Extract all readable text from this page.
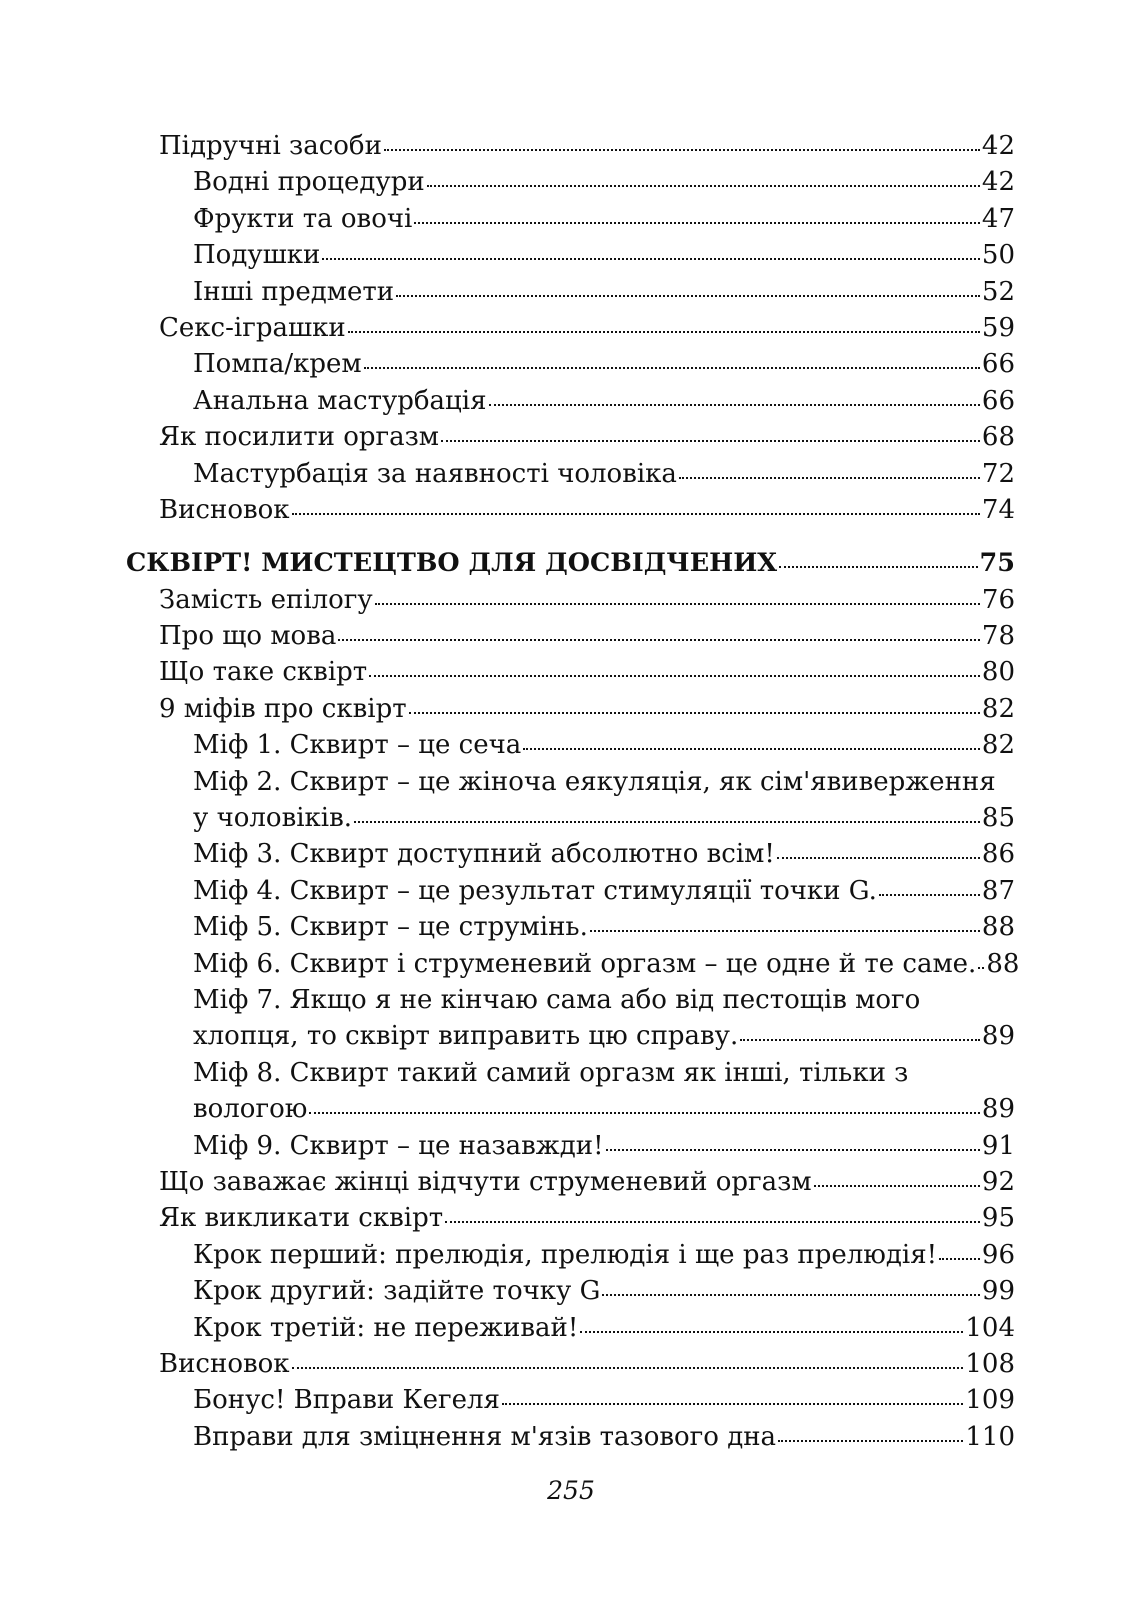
Підручні засоби	42
Водні процедури	42
Фрукти та овочі	47
Подушки	50
Інші предмети	52
Секс-іграшки	59
Помпа/крем	66
Анальна мастурбація	66
Як посилити оргазм	68
Мастурбація за наявності чоловіка	72
Висновок	74
СКВІРТ! МИСТЕЦТВО ДЛЯ ДОСВІДЧЕНИХ	75
Замість епілогу	76
Про що мова	78
Що таке сквірт	80
9 міфів про сквірт	82
Міф 1. Сквирт – це сеча	82
Міф 2. Сквирт – це жіноча еякуляція, як сім'явиверження
у чоловіків.	85
Міф 3. Сквирт доступний абсолютно всім!	86
Міф 4. Сквирт – це результат стимуляції точки G.	87
Міф 5. Сквирт – це струмінь.	88
Міф 6. Сквирт і струменевий оргазм – це одне й те саме. 88
Міф 7. Якщо я не кінчаю сама або від пестощів мого
хлопця, то сквірт виправить цю справу.	89
Міф 8. Сквирт такий самий оргазм як інші, тільки з
вологою	89
Міф 9. Сквирт – це назавжди!	91
Що заважає жінці відчути струменевий оргазм	92
Як викликати сквірт	95
Крок перший: прелюдія, прелюдія і ще раз прелюдія! 96
Крок другий: задійте точку G	99
Крок третій: не переживай!	104
Висновок	108
Бонус! Вправи Кегеля	109
Вправи для зміцнення м'язів тазового дна	110
255
